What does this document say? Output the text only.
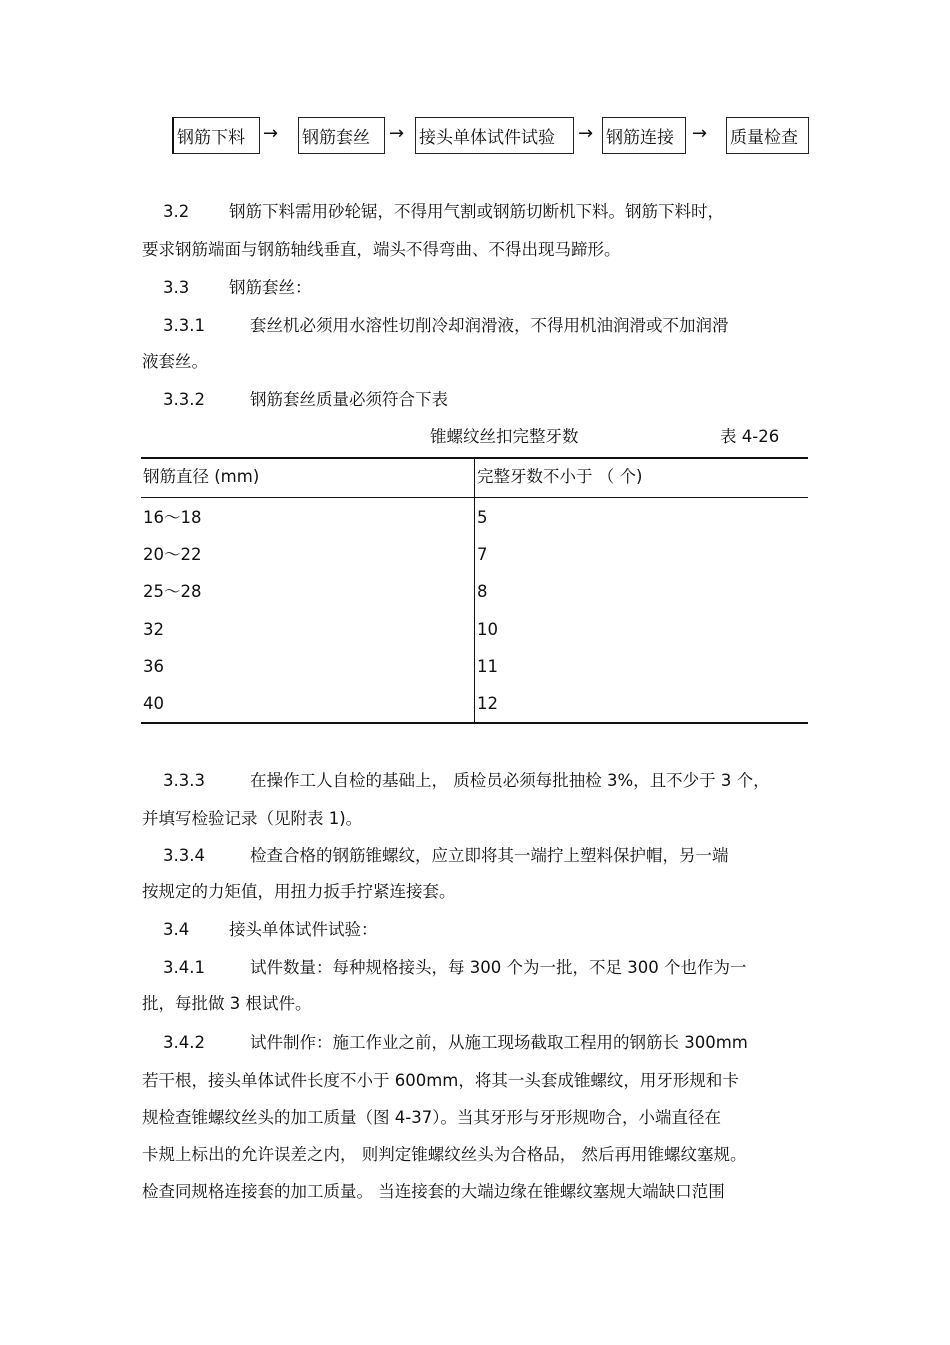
钢筋下料 → 钢筋套丝 → 接头单体试件试验 → 钢筋连接 → 质量检查
3.2 钢筋下料需用砂轮锯，不得用气割或钢筋切断机下料。钢筋下料时，
要求钢筋端面与钢筋轴线垂直，端头不得弯曲、不得出现马蹄形。
3.3 钢筋套丝：
3.3.1	套丝机必须用水溶性切削冷却润滑液，不得用机油润滑或不加润滑
液套丝。
3.3.2	钢筋套丝质量必须符合下表
锥螺纹丝扣完整牙数	表 4-26
钢筋直径 (mm)	完整牙数不小于 （ 个)
16～18	5
20～22	7
25～28	8
32	10
36	11
40	12
3.3.3	在操作工人自检的基础上， 质检员必须每批抽检 3%，且不少于 3 个，
并填写检验记录（见附表 1)。
3.3.4	检查合格的钢筋锥螺纹，应立即将其一端拧上塑料保护帽，另一端
按规定的力矩值，用扭力扳手拧紧连接套。
3.4 接头单体试件试验：
3.4.1	试件数量：每种规格接头，每 300 个为一批，不足 300 个也作为一
批，每批做 3 根试件。
3.4.2	试件制作：施工作业之前，从施工现场截取工程用的钢筋长 300mm
若干根，接头单体试件长度不小于 600mm，将其一头套成锥螺纹，用牙形规和卡
规检查锥螺纹丝头的加工质量（图 4-37）。当其牙形与牙形规吻合，小端直径在
卡规上标出的允许误差之内， 则判定锥螺纹丝头为合格品， 然后再用锥螺纹塞规。
检查同规格连接套的加工质量。 当连接套的大端边缘在锥螺纹塞规大端缺口范围
